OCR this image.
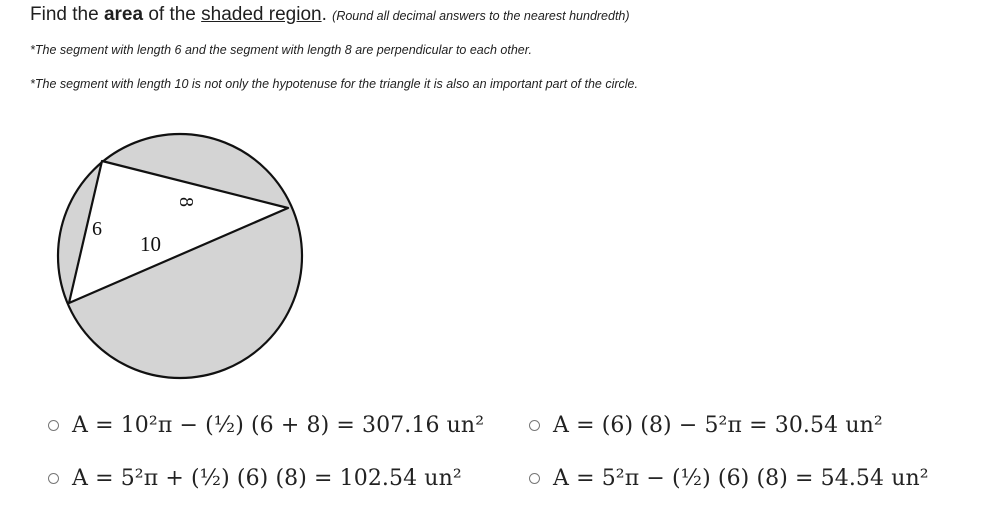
Find the area of the shaded region. (Round all decimal answers to the nearest hundredth)
*The segment with length 6 and the segment with length 8 are perpendicular to each other.
*The segment with length 10 is not only the hypotenuse for the triangle it is also an important part of the circle.
6
8
10
A = 10²π − (½) (6 + 8) = 307.16 un²	A = (6) (8) − 5²π = 30.54 un²
A = 5²π + (½) (6) (8) = 102.54 un²	A = 5²π − (½) (6) (8) = 54.54 un²
